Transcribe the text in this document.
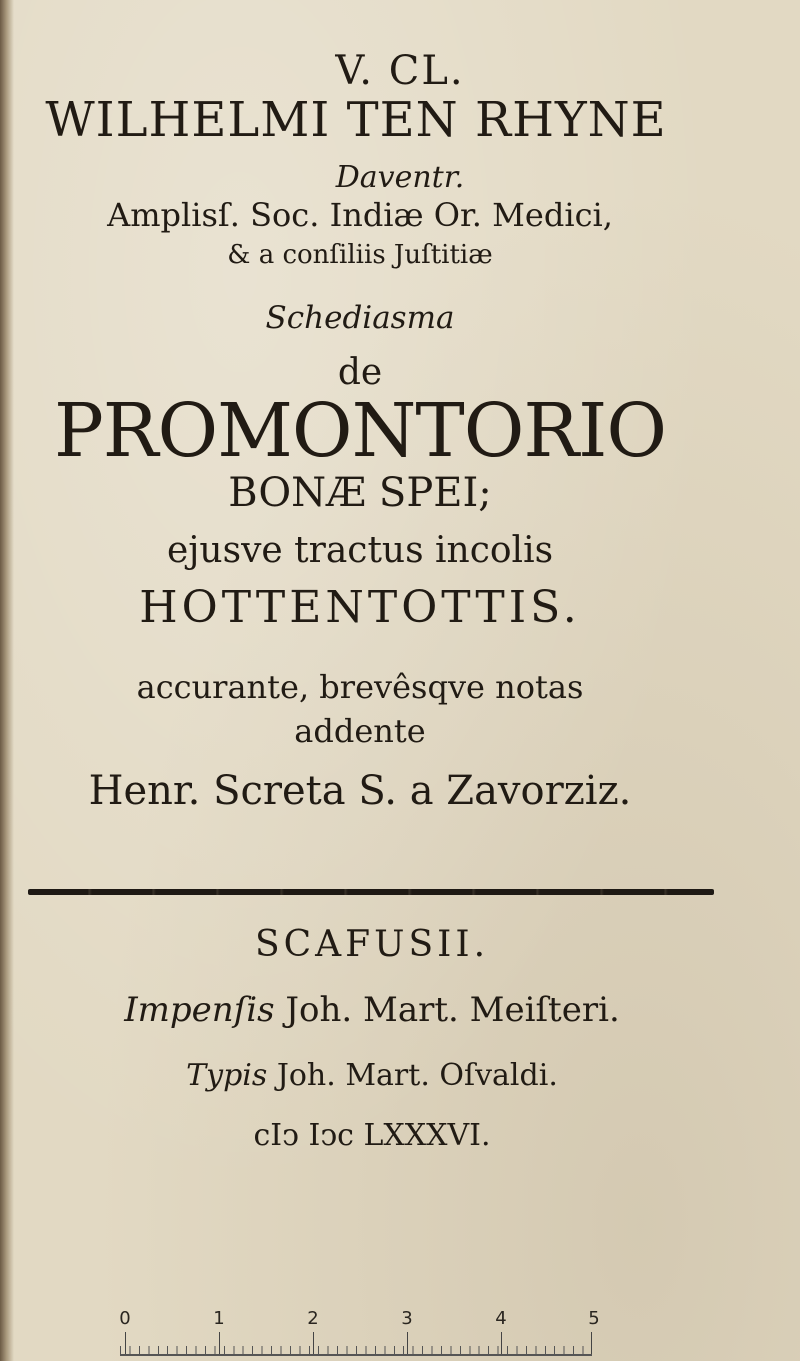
V. CL.
WILHELMI TEN RHYNE
Daventr.
Amplisſ. Soc. Indiæ Or. Medici,
& a conſiliis Juſtitiæ
Schediasma
de
PROMONTORIO
BONÆ SPEI;
ejusve tractus incolis
HOTTENTOTTIS.
accurante, brevêsqve notas
addente
Henr. Screta S. a Zavorziz.
SCAFUSII.
Impenſis Joh. Mart. Meiſteri.
Typis Joh. Mart. Oſvaldi.
cIↄ Iↄc LXXXVI.
0	1	2	3	4	5
